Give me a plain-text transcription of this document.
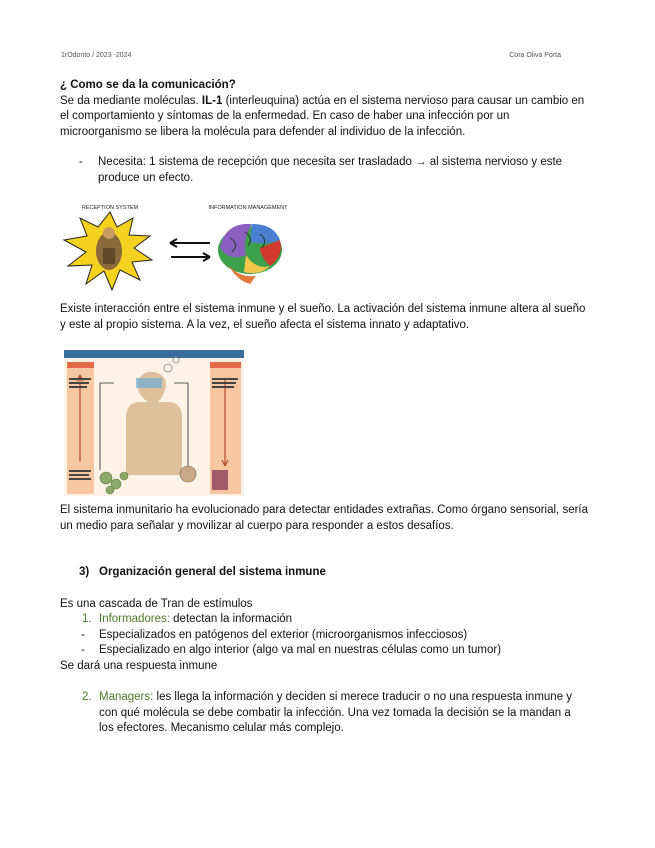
1rOdonto / 2023 -2024	Cora Oliva Porta
¿ Como se da la comunicación?
Se da mediante moléculas. IL-1 (interleuquina) actúa en el sistema nervioso para causar un cambio en el comportamiento y síntomas de la enfermedad. En caso de haber una infección por un microorganismo se libera la molécula para defender al individuo de la infección.
- Necesita: 1 sistema de recepción que necesita ser trasladado → al sistema nervioso y este produce un efecto.
RECEPTION SYSTEM	INFORMATION MANAGEMENT
Existe interacción entre el sistema inmune y el sueño. La activación del sistema inmune altera al sueño y este al propio sistema. A la vez, el sueño afecta el sistema innato y adaptativo.
El sistema inmunitario ha evolucionado para detectar entidades extrañas. Como órgano sensorial, sería un medio para señalar y movilizar al cuerpo para responder a estos desafíos.
3) Organización general del sistema inmune
Es una cascada de Tran de estímulos
1. Informadores: detectan la información
- Especializados en patógenos del exterior (microorganismos infecciosos)
- Especializado en algo interior (algo va mal en nuestras células como un tumor)
Se dará una respuesta inmune
2. Managers: les llega la información y deciden si merece traducir o no una respuesta inmune y con qué molécula se debe combatir la infección. Una vez tomada la decisión se la mandan a los efectores. Mecanismo celular más complejo.
